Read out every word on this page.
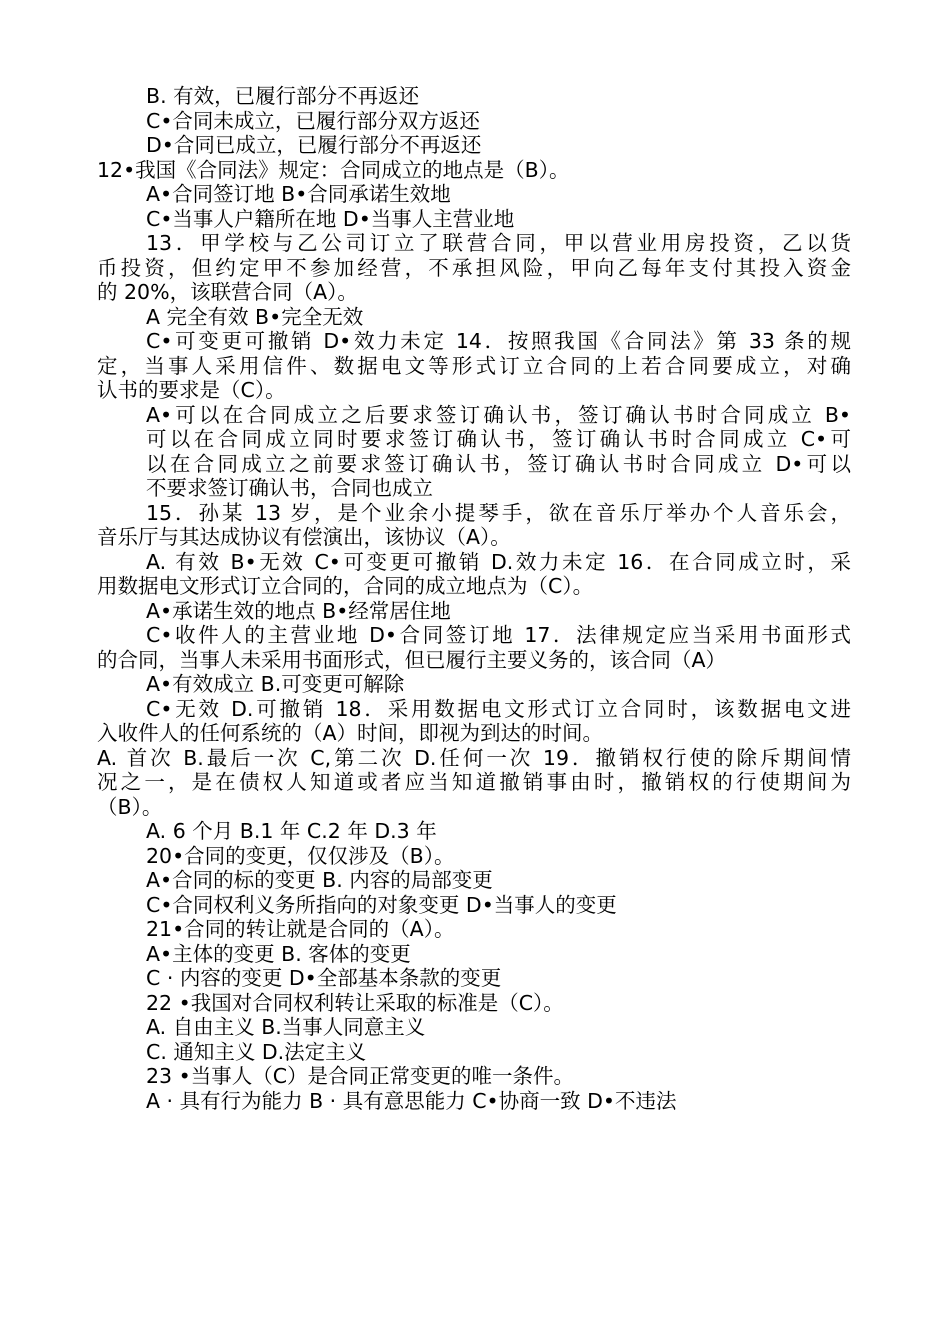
B. 有效，已履行部分不再返还
C•合同未成立，已履行部分双方返还
D•合同已成立，已履行部分不再返还
12•我国《合同法》规定：合同成立的地点是（B）。
A•合同签订地 B•合同承诺生效地
C•当事人户籍所在地 D•当事人主营业地
13．甲学校与乙公司订立了联营合同，甲以营业用房投资，乙以货
币投资，但约定甲不参加经营，不承担风险，甲向乙每年支付其投入资金
的 20%，该联营合同（A）。
A 完全有效 B•完全无效
C•可变更可撤销 D•效力未定 14．按照我国《合同法》第 33 条的规
定，当事人采用信件、数据电文等形式订立合同的上若合同要成立，对确
认书的要求是（C）。
A•可以在合同成立之后要求签订确认书，签订确认书时合同成立 B•
可以在合同成立同时要求签订确认书，签订确认书时合同成立 C•可
以在合同成立之前要求签订确认书，签订确认书时合同成立 D•可以
不要求签订确认书，合同也成立
15．孙某 13 岁，是个业余小提琴手，欲在音乐厅举办个人音乐会，
音乐厅与其达成协议有偿演出，该协议（A）。
A. 有效 B•无效 C•可变更可撤销 D.效力未定 16．在合同成立时，采
用数据电文形式订立合同的，合同的成立地点为（C）。
A•承诺生效的地点 B•经常居住地
C•收件人的主营业地 D•合同签订地 17．法律规定应当采用书面形式
的合同，当事人未采用书面形式，但已履行主要义务的，该合同（A）
A•有效成立 B.可变更可解除
C•无效 D.可撤销 18．采用数据电文形式订立合同时，该数据电文进
入收件人的任何系统的（A）时间，即视为到达的时间。
A. 首次 B.最后一次 C,第二次 D.任何一次 19．撤销权行使的除斥期间情
况之一，是在债权人知道或者应当知道撤销事由时，撤销权的行使期间为
（B）。
A. 6 个月 B.1 年 C.2 年 D.3 年
20•合同的变更，仅仅涉及（B）。
A•合同的标的变更 B. 内容的局部变更
C•合同权利义务所指向的对象变更 D•当事人的变更
21•合同的转让就是合同的（A）。
A•主体的变更 B. 客体的变更
C · 内容的变更 D•全部基本条款的变更
22 •我国对合同权利转让采取的标准是（C）。
A. 自由主义 B.当事人同意主义
C. 通知主义 D.法定主义
23 •当事人（C）是合同正常变更的唯一条件。
A · 具有行为能力 B · 具有意思能力 C•协商一致 D•不违法
